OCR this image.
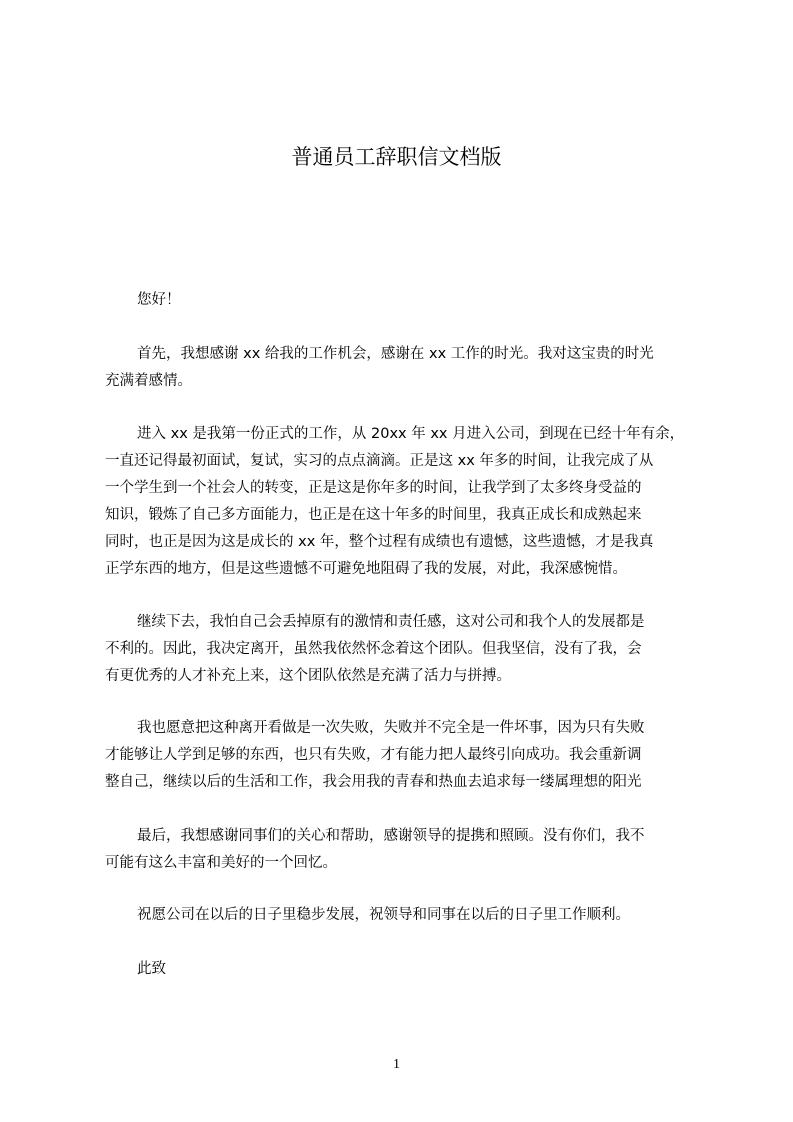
普通员工辞职信文档版
您好！
首先，我想感谢 xx 给我的工作机会，感谢在 xx 工作的时光。我对这宝贵的时光
充满着感情。
进入 xx 是我第一份正式的工作，从 20xx 年 xx 月进入公司，到现在已经十年有余，
一直还记得最初面试，复试，实习的点点滴滴。正是这 xx 年多的时间，让我完成了从
一个学生到一个社会人的转变，正是这是你年多的时间，让我学到了太多终身受益的
知识，锻炼了自己多方面能力，也正是在这十年多的时间里，我真正成长和成熟起来
同时，也正是因为这是成长的 xx 年，整个过程有成绩也有遗憾，这些遗憾，才是我真
正学东西的地方，但是这些遗憾不可避免地阻碍了我的发展，对此，我深感惋惜。
继续下去，我怕自己会丢掉原有的激情和责任感，这对公司和我个人的发展都是
不利的。因此，我决定离开，虽然我依然怀念着这个团队。但我坚信，没有了我，会
有更优秀的人才补充上来，这个团队依然是充满了活力与拼搏。
我也愿意把这种离开看做是一次失败，失败并不完全是一件坏事，因为只有失败
才能够让人学到足够的东西，也只有失败，才有能力把人最终引向成功。我会重新调
整自己，继续以后的生活和工作，我会用我的青春和热血去追求每一缕属理想的阳光
最后，我想感谢同事们的关心和帮助，感谢领导的提携和照顾。没有你们，我不
可能有这么丰富和美好的一个回忆。
祝愿公司在以后的日子里稳步发展，祝领导和同事在以后的日子里工作顺利。
此致
1
